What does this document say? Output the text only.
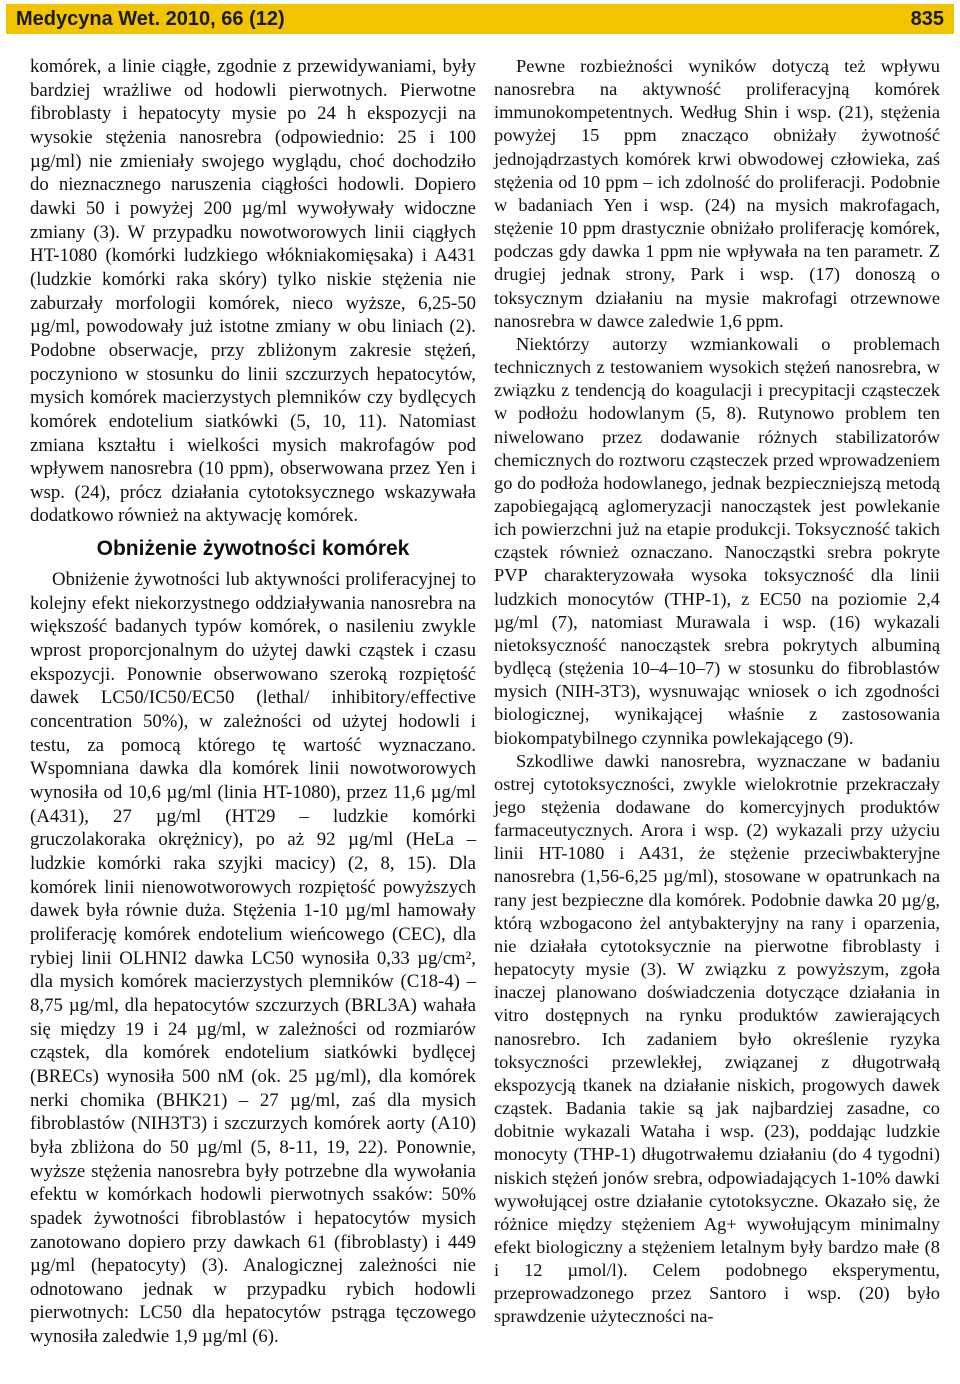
Medycyna Wet. 2010, 66 (12)	835

komórek, a linie ciągłe, zgodnie z przewidywaniami, były bardziej wrażliwe od hodowli pierwotnych. Pierwotne fibroblasty i hepatocyty mysie po 24 h ekspozycji na wysokie stężenia nanosrebra (odpowiednio: 25 i 100 µg/ml) nie zmieniały swojego wyglądu, choć dochodziło do nieznacznego naruszenia ciągłości hodowli. Dopiero dawki 50 i powyżej 200 µg/ml wywoływały widoczne zmiany (3). W przypadku nowotworowych linii ciągłych HT-1080 (komórki ludzkiego włókniakomięsaka) i A431 (ludzkie komórki raka skóry) tylko niskie stężenia nie zaburzały morfologii komórek, nieco wyższe, 6,25-50 µg/ml, powodowały już istotne zmiany w obu liniach (2). Podobne obserwacje, przy zbliżonym zakresie stężeń, poczyniono w stosunku do linii szczurzych hepatocytów, mysich komórek macierzystych plemników czy bydlęcych komórek endotelium siatkówki (5, 10, 11). Natomiast zmiana kształtu i wielkości mysich makrofagów pod wpływem nanosrebra (10 ppm), obserwowana przez Yen i wsp. (24), prócz działania cytotoksycznego wskazywała dodatkowo również na aktywację komórek.

Obniżenie żywotności komórek

Obniżenie żywotności lub aktywności proliferacyjnej to kolejny efekt niekorzystnego oddziaływania nanosrebra na większość badanych typów komórek, o nasileniu zwykle wprost proporcjonalnym do użytej dawki cząstek i czasu ekspozycji. Ponownie obserwowano szeroką rozpiętość dawek LC50/IC50/EC50 (lethal/ inhibitory/effective concentration 50%), w zależności od użytej hodowli i testu, za pomocą którego tę wartość wyznaczano. Wspomniana dawka dla komórek linii nowotworowych wynosiła od 10,6 µg/ml (linia HT-1080), przez 11,6 µg/ml (A431), 27 µg/ml (HT29 – ludzkie komórki gruczolakoraka okrężnicy), po aż 92 µg/ml (HeLa – ludzkie komórki raka szyjki macicy) (2, 8, 15). Dla komórek linii nienowotworowych rozpiętość powyższych dawek była równie duża. Stężenia 1-10 µg/ml hamowały proliferację komórek endotelium wieńcowego (CEC), dla rybiej linii OLHNI2 dawka LC50 wynosiła 0,33 µg/cm², dla mysich komórek macierzystych plemników (C18-4) – 8,75 µg/ml, dla hepatocytów szczurzych (BRL3A) wahała się między 19 i 24 µg/ml, w zależności od rozmiarów cząstek, dla komórek endotelium siatkówki bydlęcej (BRECs) wynosiła 500 nM (ok. 25 µg/ml), dla komórek nerki chomika (BHK21) – 27 µg/ml, zaś dla mysich fibroblastów (NIH3T3) i szczurzych komórek aorty (A10) była zbliżona do 50 µg/ml (5, 8-11, 19, 22). Ponownie, wyższe stężenia nanosrebra były potrzebne dla wywołania efektu w komórkach hodowli pierwotnych ssaków: 50% spadek żywotności fibroblastów i hepatocytów mysich zanotowano dopiero przy dawkach 61 (fibroblasty) i 449 µg/ml (hepatocyty) (3). Analogicznej zależności nie odnotowano jednak w przypadku rybich hodowli pierwotnych: LC50 dla hepatocytów pstrąga tęczowego wynosiła zaledwie 1,9 µg/ml (6).

Pewne rozbieżności wyników dotyczą też wpływu nanosrebra na aktywność proliferacyjną komórek immunokompetentnych. Według Shin i wsp. (21), stężenia powyżej 15 ppm znacząco obniżały żywotność jednojądrzastych komórek krwi obwodowej człowieka, zaś stężenia od 10 ppm – ich zdolność do proliferacji. Podobnie w badaniach Yen i wsp. (24) na mysich makrofagach, stężenie 10 ppm drastycznie obniżało proliferację komórek, podczas gdy dawka 1 ppm nie wpływała na ten parametr. Z drugiej jednak strony, Park i wsp. (17) donoszą o toksycznym działaniu na mysie makrofagi otrzewnowe nanosrebra w dawce zaledwie 1,6 ppm.

Niektórzy autorzy wzmiankowali o problemach technicznych z testowaniem wysokich stężeń nanosrebra, w związku z tendencją do koagulacji i precypitacji cząsteczek w podłożu hodowlanym (5, 8). Rutynowo problem ten niwelowano przez dodawanie różnych stabilizatorów chemicznych do roztworu cząsteczek przed wprowadzeniem go do podłoża hodowlanego, jednak bezpieczniejszą metodą zapobiegającą aglomeryzacji nanocząstek jest powlekanie ich powierzchni już na etapie produkcji. Toksyczność takich cząstek również oznaczano. Nanocząstki srebra pokryte PVP charakteryzowała wysoka toksyczność dla linii ludzkich monocytów (THP-1), z EC50 na poziomie 2,4 µg/ml (7), natomiast Murawala i wsp. (16) wykazali nietoksyczność nanocząstek srebra pokrytych albuminą bydlęcą (stężenia 10–4–10–7) w stosunku do fibroblastów mysich (NIH-3T3), wysnuwając wniosek o ich zgodności biologicznej, wynikającej właśnie z zastosowania biokompatybilnego czynnika powlekającego (9).

Szkodliwe dawki nanosrebra, wyznaczane w badaniu ostrej cytotoksyczności, zwykle wielokrotnie przekraczały jego stężenia dodawane do komercyjnych produktów farmaceutycznych. Arora i wsp. (2) wykazali przy użyciu linii HT-1080 i A431, że stężenie przeciwbakteryjne nanosrebra (1,56-6,25 µg/ml), stosowane w opatrunkach na rany jest bezpieczne dla komórek. Podobnie dawka 20 µg/g, którą wzbogacono żel antybakteryjny na rany i oparzenia, nie działała cytotoksycznie na pierwotne fibroblasty i hepatocyty mysie (3). W związku z powyższym, zgoła inaczej planowano doświadczenia dotyczące działania in vitro dostępnych na rynku produktów zawierających nanosrebro. Ich zadaniem było określenie ryzyka toksyczności przewlekłej, związanej z długotrwałą ekspozycją tkanek na działanie niskich, progowych dawek cząstek. Badania takie są jak najbardziej zasadne, co dobitnie wykazali Wataha i wsp. (23), poddając ludzkie monocyty (THP-1) długotrwałemu działaniu (do 4 tygodni) niskich stężeń jonów srebra, odpowiadających 1-10% dawki wywołującej ostre działanie cytotoksyczne. Okazało się, że różnice między stężeniem Ag+ wywołującym minimalny efekt biologiczny a stężeniem letalnym były bardzo małe (8 i 12 µmol/l). Celem podobnego eksperymentu, przeprowadzonego przez Santoro i wsp. (20) było sprawdzenie użyteczności na-
